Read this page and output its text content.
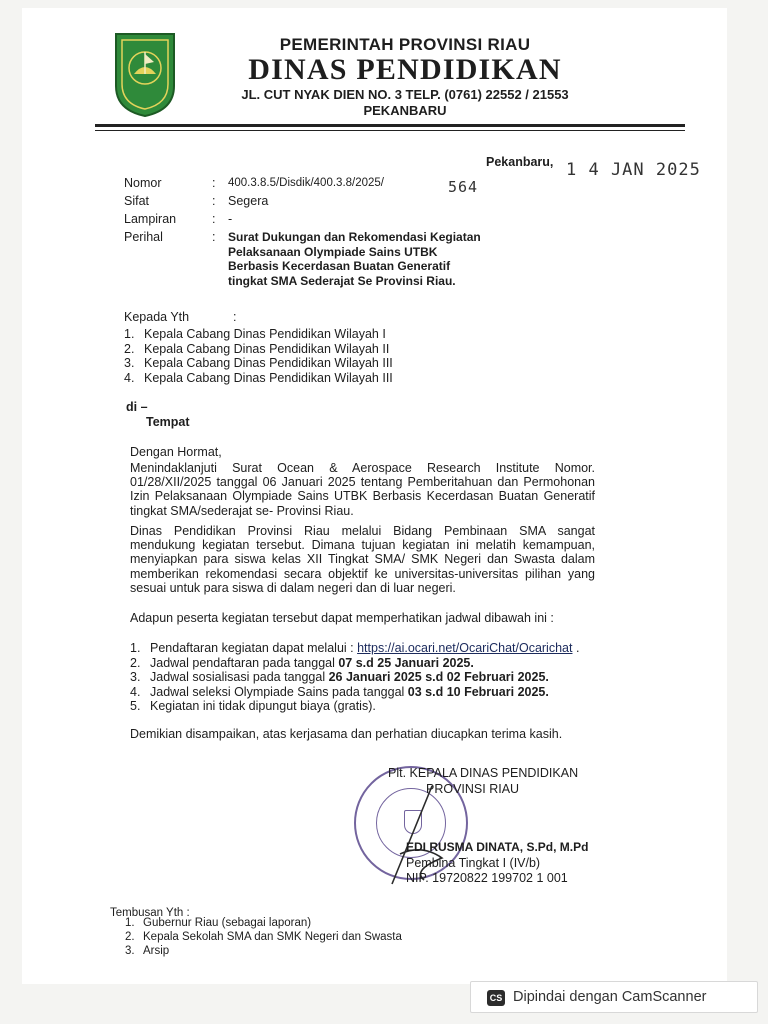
PEMERINTAH PROVINSI RIAU
DINAS PENDIDIKAN
JL. CUT NYAK DIEN NO. 3 TELP. (0761) 22552 / 21553
PEKANBARU
Pekanbaru, 1 4 JAN 2025
Nomor	: 400.3.8.5/Disdik/400.3.8/2025/	564
Sifat	: Segera
Lampiran	: -
Perihal	: Surat Dukungan dan Rekomendasi Kegiatan Pelaksanaan Olympiade Sains UTBK Berbasis Kecerdasan Buatan Generatif tingkat SMA Sederajat Se Provinsi Riau.
Kepada Yth	:
1. Kepala Cabang Dinas Pendidikan Wilayah I
2. Kepala Cabang Dinas Pendidikan Wilayah II
3. Kepala Cabang Dinas Pendidikan Wilayah III
4. Kepala Cabang Dinas Pendidikan Wilayah III
di –
Tempat
Dengan Hormat,
Menindaklanjuti Surat Ocean & Aerospace Research Institute Nomor. 01/28/XII/2025 tanggal 06 Januari 2025 tentang Pemberitahuan dan Permohonan Izin Pelaksanaan Olympiade Sains UTBK Berbasis Kecerdasan Buatan Generatif tingkat SMA/sederajat se- Provinsi Riau.
Dinas Pendidikan Provinsi Riau melalui Bidang Pembinaan SMA sangat mendukung kegiatan tersebut. Dimana tujuan kegiatan ini melatih kemampuan, menyiapkan para siswa kelas XII Tingkat SMA/ SMK Negeri dan Swasta dalam memberikan rekomendasi secara objektif ke universitas-universitas pilihan yang sesuai untuk para siswa di dalam negeri dan di luar negeri.
Adapun peserta kegiatan tersebut dapat memperhatikan jadwal dibawah ini :
1. Pendaftaran kegiatan dapat melalui : https://ai.ocari.net/OcariChat/Ocarichat .
2. Jadwal pendaftaran pada tanggal 07 s.d 25 Januari 2025.
3. Jadwal sosialisasi pada tanggal 26 Januari 2025 s.d 02 Februari 2025.
4. Jadwal seleksi Olympiade Sains pada tanggal 03 s.d 10 Februari 2025.
5. Kegiatan ini tidak dipungut biaya (gratis).
Demikian disampaikan, atas kerjasama dan perhatian diucapkan terima kasih.
Plt. KEPALA DINAS PENDIDIKAN
PROVINSI RIAU
EDI RUSMA DINATA, S.Pd, M.Pd
Pembina Tingkat I (IV/b)
NIP. 19720822 199702 1 001
Tembusan Yth :
1. Gubernur Riau (sebagai laporan)
2. Kepala Sekolah SMA dan SMK Negeri dan Swasta
3. Arsip
CS Dipindai dengan CamScanner
